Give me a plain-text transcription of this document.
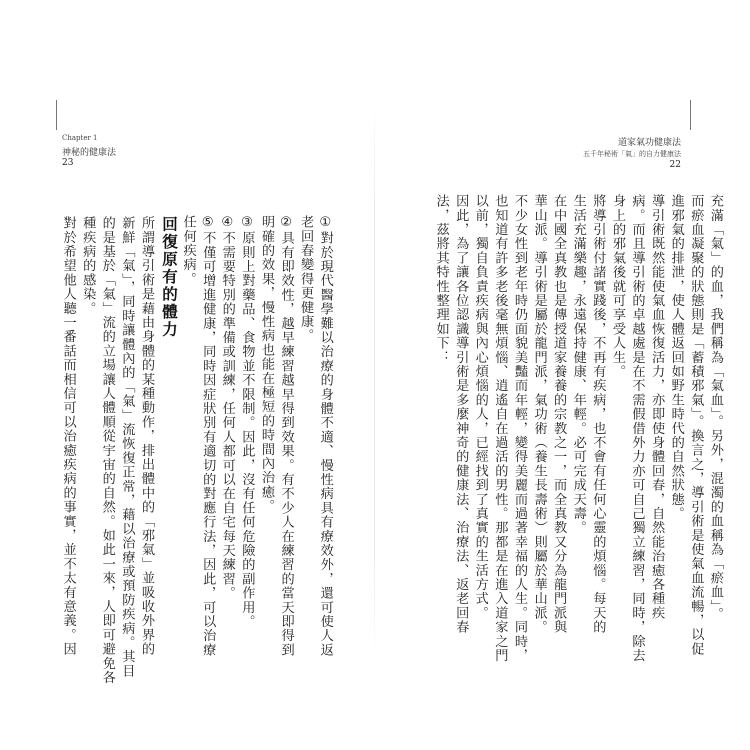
Chapter 1
神秘的健康法
23

①對於現代醫學難以治療的身體不適、慢性病具有療效外，還可使人返

老回春變得更健康。

②具有即效性，越早練習越早得到效果。有不少人在練習的當天即得到

明確的效果，慢性病也能在極短的時間內治癒。

③原則上對藥品、食物並不限制。因此，沒有任何危險的副作用。

④不需要特別的準備或訓練，任何人都可以在自宅每天練習。

⑤不僅可增進健康，同時因症狀別有適切的對應行法，因此，可以治療

任何疾病。

回復原有的體力

所謂導引術是藉由身體的某種動作，排出體中的「邪氣」並吸收外界的

新鮮「氣」，同時讓體內的「氣」流恢復正常，藉以治療或預防疾病。其目

的是基於「氣」流的立場讓人體順從宇宙的自然。如此一來，人即可避免各

種疾病的感染。

對於希望他人聽一番話而相信可以治癒疾病的事實，並不太有意義。因

道家氣功健康法
五千年秘術「氣」的自力健康法
22

充滿「氣」的血，我們稱為「氣血」。另外，混濁的血稱為「瘀血」。

而瘀血凝聚的狀態則是「蓄積邪氣」。換言之，導引術是使氣血流暢，以促

進邪氣的排泄，使人體返回如野生時代的自然狀態。

導引術既然能使氣血恢復活力，亦即使身體回春，自然能治癒各種疾

病。而且導引術的卓越處是在不需假借外力亦可自己獨立練習，同時，除去

身上的邪氣後就可享受人生。

將導引術付諸實踐後，不再有疾病，也不會有任何心靈的煩惱。每天的

生活充滿樂趣，永遠保持健康、年輕。必可完成天壽。

在中國全真教也是傳授道家養養的宗教之一，而全真教又分為龍門派與

華山派。導引術是屬於龍門派，氣功術（養生長壽術）則屬於華山派。

不少女性到老年時仍面貌美豔而年輕，變得美麗而過著幸福的人生。同時，

也知道有許多老後毫無煩惱、逍遙自在過活的男性。那都是在進入道家之門

以前，獨自負責疾病與內心煩惱的人，已經找到了真實的生活方式。

因此，為了讓各位認識導引術是多麼神奇的健康法、治療法、返老回春

法，茲將其特性整理如下：
